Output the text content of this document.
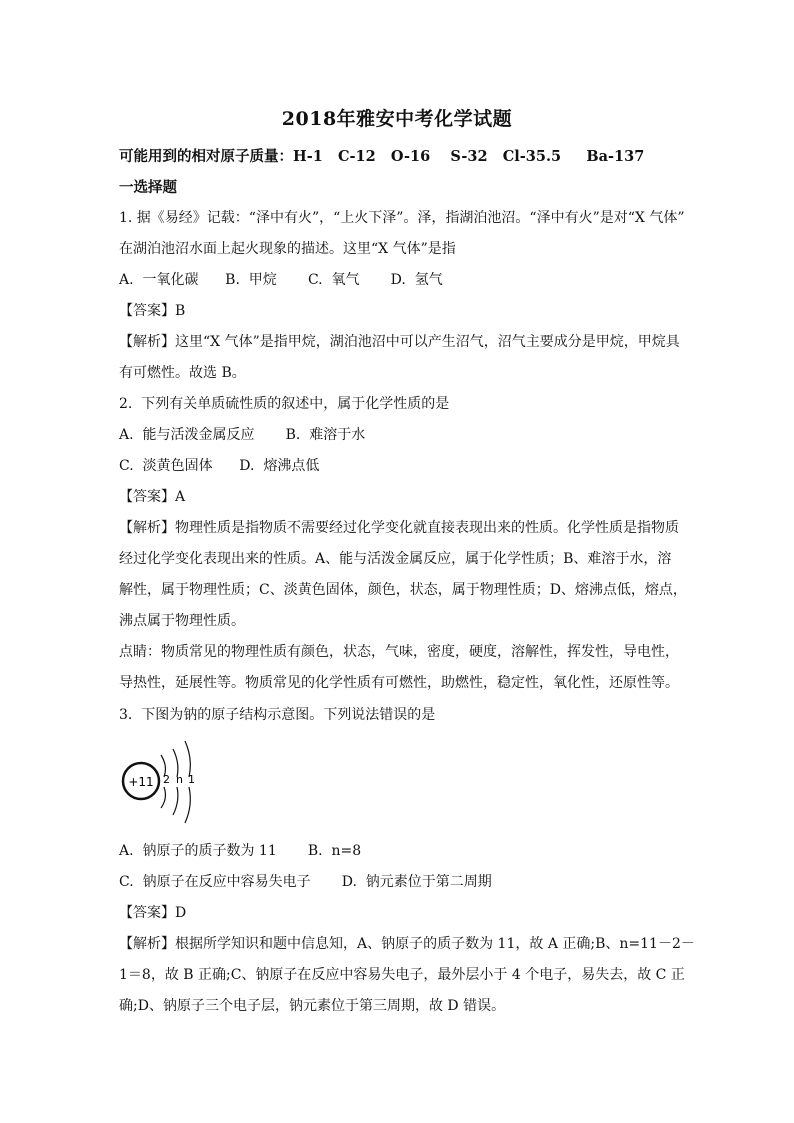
2018年雅安中考化学试题
可能用到的相对原子质量：H-1   C-12   O-16    S-32   Cl-35.5     Ba-137
一选择题
1. 据《易经》记载：“泽中有火”，“上火下泽”。泽，指湖泊池沼。“泽中有火”是对“X 气体”
在湖泊池沼水面上起火现象的描述。这里“X 气体”是指
A.  一氧化碳      B.  甲烷       C.  氧气       D.  氢气
【答案】B
【解析】这里“X 气体”是指甲烷，湖泊池沼中可以产生沼气，沼气主要成分是甲烷，甲烷具
有可燃性。故选 B。
2.  下列有关单质硫性质的叙述中，属于化学性质的是
A.  能与活泼金属反应       B.  难溶于水
C.  淡黄色固体      D.  熔沸点低
【答案】A
【解析】物理性质是指物质不需要经过化学变化就直接表现出来的性质。化学性质是指物质
经过化学变化表现出来的性质。A、能与活泼金属反应，属于化学性质；B、难溶于水，溶
解性，属于物理性质；C、淡黄色固体，颜色，状态，属于物理性质；D、熔沸点低，熔点，
沸点属于物理性质。
点睛：物质常见的物理性质有颜色，状态，气味，密度，硬度，溶解性，挥发性，导电性，
导热性，延展性等。物质常见的化学性质有可燃性，助燃性，稳定性，氧化性，还原性等。
3.  下图为钠的原子结构示意图。下列说法错误的是
+11 2 n 1
A.  钠原子的质子数为 11       B.  n=8
C.  钠原子在反应中容易失电子       D.  钠元素位于第二周期
【答案】D
【解析】根据所学知识和题中信息知，A、钠原子的质子数为 11，故 A 正确;B、n=11－2－
1＝8，故 B 正确;C、钠原子在反应中容易失电子，最外层小于 4 个电子，易失去，故 C 正
确;D、钠原子三个电子层，钠元素位于第三周期，故 D 错误。
